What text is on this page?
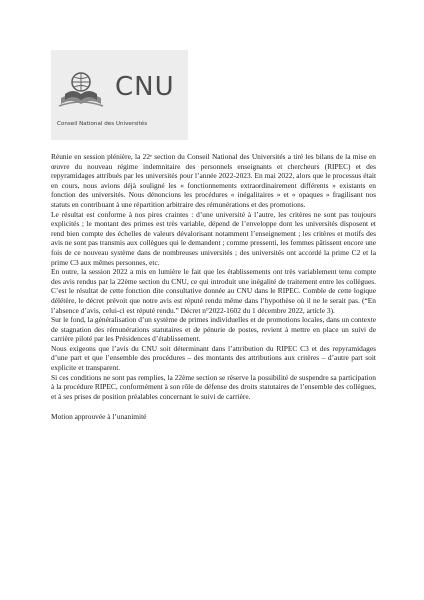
CNU
Conseil National des Universités

Réunie en session plénière, la 22ᵉ section du Conseil National des Universités a tiré les bilans de la mise en œuvre du nouveau régime indemnitaire des personnels enseignants et chercheurs (RIPEC) et des repyramidages attribués par les universités pour l’année 2022-2023. En mai 2022, alors que le processus était en cours, nous avions déjà souligné les « fonctionnements extraordinairement différents » existants en fonction des universités. Nous dénoncions les procédures « inégalitaires » et « opaques » fragilisant nos statuts en contribuant à une répartition arbitraire des rémunérations et des promotions.

Le résultat est conforme à nos pires craintes : d’une université à l’autre, les critères ne sont pas toujours explicités ; le montant des primes est très variable, dépend de l’enveloppe dont les universités disposent et rend bien compte des échelles de valeurs dévalorisant notamment l’enseignement ; les critères et motifs des avis ne sont pas transmis aux collègues qui le demandent ; comme pressenti, les femmes pâtissent encore une fois de ce nouveau système dans de nombreuses universités ; des universités ont accordé la prime C2 et la prime C3 aux mêmes personnes, etc.

En outre, la session 2022 a mis en lumière le fait que les établissements ont très variablement tenu compte des avis rendus par la 22ème section du CNU, ce qui introduit une inégalité de traitement entre les collègues. C’est le résultat de cette fonction dite consultative donnée au CNU dans le RIPEC. Comble de cette logique délétère, le décret prévoit que notre avis est réputé rendu même dans l’hypothèse où il ne le serait pas. (“En l’absence d’avis, celui-ci est réputé rendu.” Décret n°2022-1602 du 1 décembre 2022, article 3).

Sur le fond, la généralisation d’un système de primes individuelles et de promotions locales, dans un contexte de stagnation des rémunérations statutaires et de pénurie de postes, revient à mettre en place un suivi de carrière piloté par les Présidences d’établissement.

Nous exigeons que l’avis du CNU soit déterminant dans l’attribution du RIPEC C3 et des repyramidages d’une part et que l’ensemble des procédures – des montants des attributions aux critères – d’autre part soit explicite et transparent.

Si ces conditions ne sont pas remplies, la 22ème section se réserve la possibilité de suspendre sa participation à la procédure RIPEC, conformément à son rôle de défense des droits statutaires de l’ensemble des collègues, et à ses prises de position préalables concernant le suivi de carrière.

Motion approuvée à l’unanimité
